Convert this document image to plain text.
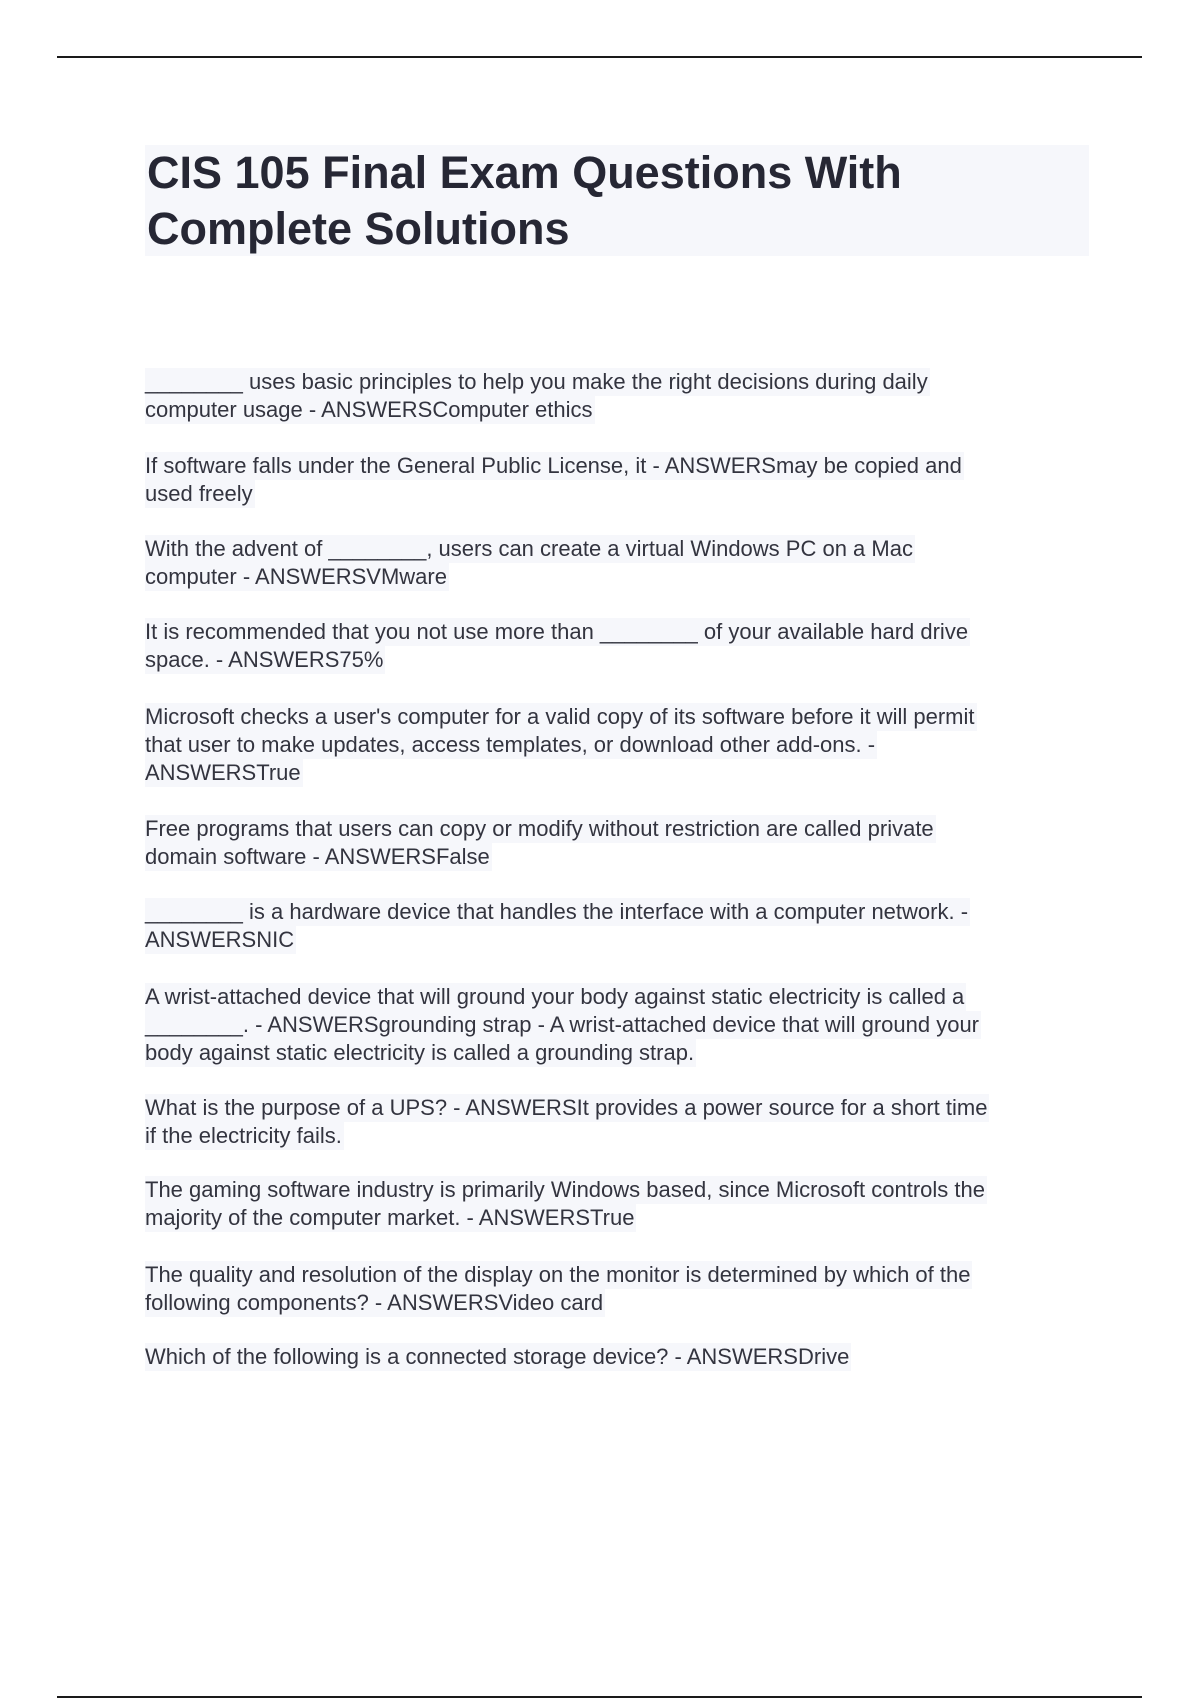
CIS 105 Final Exam Questions With
Complete Solutions

________ uses basic principles to help you make the right decisions during daily
computer usage - ANSWERSComputer ethics

If software falls under the General Public License, it - ANSWERSmay be copied and
used freely

With the advent of ________, users can create a virtual Windows PC on a Mac
computer - ANSWERSVMware

It is recommended that you not use more than ________ of your available hard drive
space. - ANSWERS75%

Microsoft checks a user's computer for a valid copy of its software before it will permit
that user to make updates, access templates, or download other add-ons. -
ANSWERSTrue

Free programs that users can copy or modify without restriction are called private
domain software - ANSWERSFalse

________ is a hardware device that handles the interface with a computer network. -
ANSWERSNIC

A wrist-attached device that will ground your body against static electricity is called a
________. - ANSWERSgrounding strap - A wrist-attached device that will ground your
body against static electricity is called a grounding strap.

What is the purpose of a UPS? - ANSWERSIt provides a power source for a short time
if the electricity fails.

The gaming software industry is primarily Windows based, since Microsoft controls the
majority of the computer market. - ANSWERSTrue

The quality and resolution of the display on the monitor is determined by which of the
following components? - ANSWERSVideo card

Which of the following is a connected storage device? - ANSWERSDrive
